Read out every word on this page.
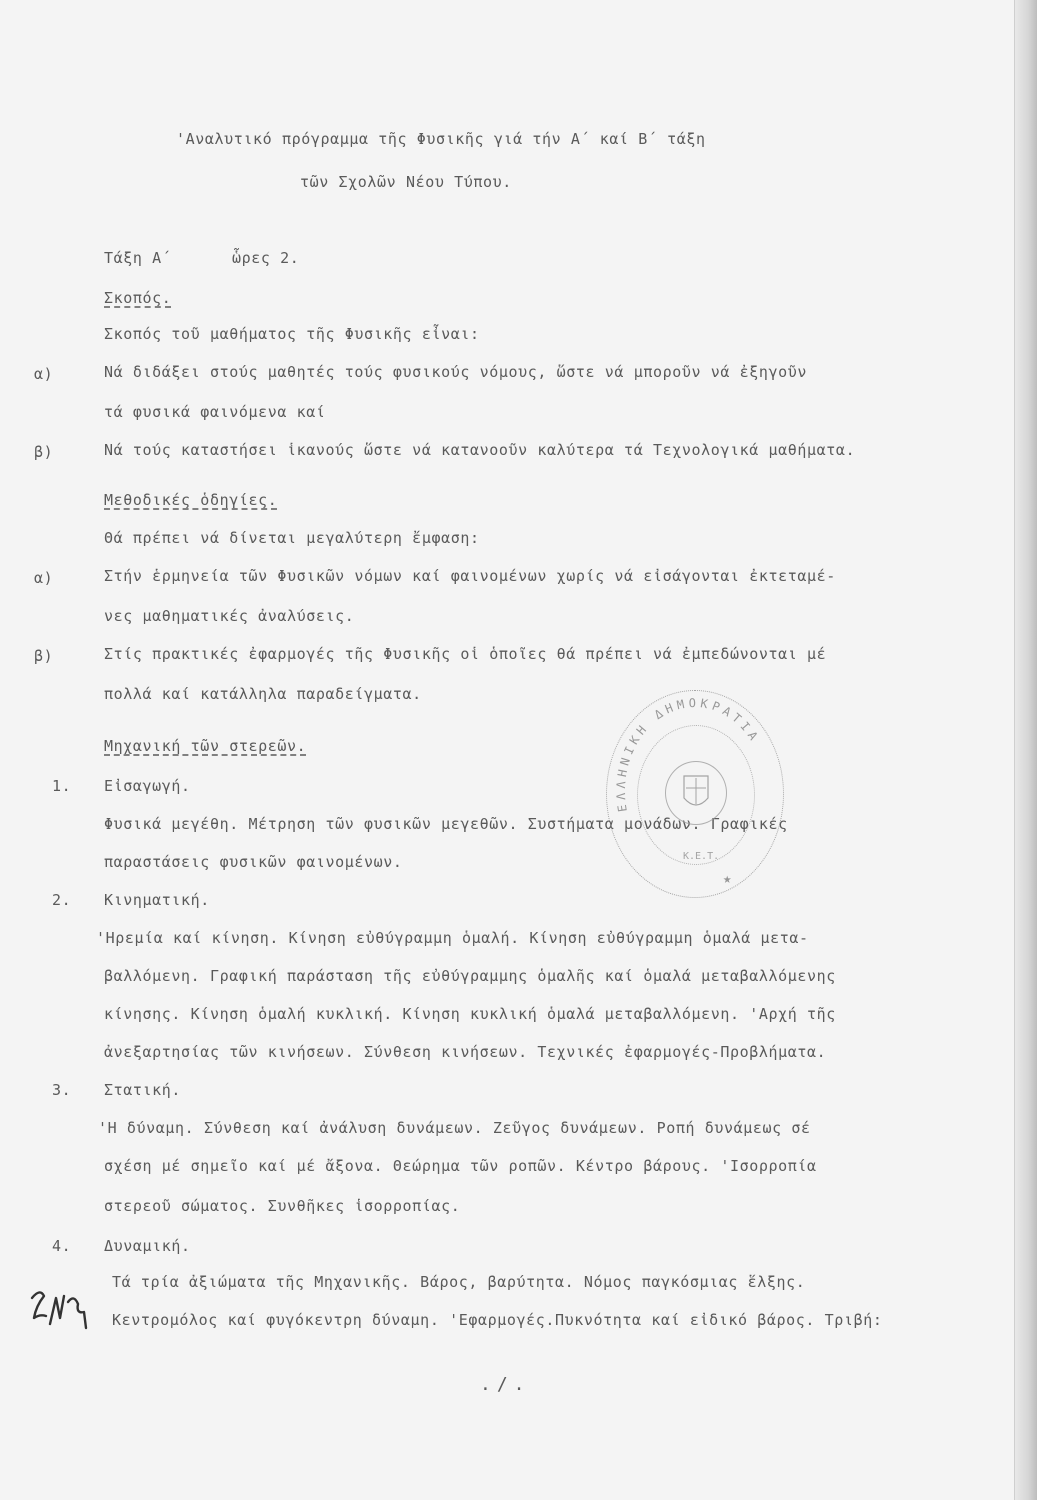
'Αναλυτικό πρόγραμμα τῆς Φυσικῆς γιά τήν Α΄ καί Β΄ τάξη
τῶν Σχολῶν Νέου Τύπου.
Τάξη Α΄	ὧρες 2.
Σκοπός.
Σκοπός τοῦ μαθήματος τῆς Φυσικῆς εἶναι:
α)	Νά διδάξει στούς μαθητές τούς φυσικούς νόμους, ὥστε νά μποροῦν νά ἐξηγοῦν
τά φυσικά φαινόμενα καί
β)	Νά τούς καταστήσει ἱκανούς ὥστε νά κατανοοῦν καλύτερα τά Τεχνολογικά μαθήματα.
Μεθοδικές ὁδηγίες.
Θά πρέπει νά δίνεται μεγαλύτερη ἔμφαση:
α)	Στήν ἑρμηνεία τῶν Φυσικῶν νόμων καί φαινομένων χωρίς νά εἰσάγονται ἐκτεταμέ-
νες μαθηματικές ἀναλύσεις.
β)	Στίς πρακτικές ἐφαρμογές τῆς Φυσικῆς οἱ ὁποῖες θά πρέπει νά ἐμπεδώνονται μέ
πολλά καί κατάλληλα παραδείγματα.
Μηχανική τῶν στερεῶν.
1. Εἰσαγωγή.
Φυσικά μεγέθη. Μέτρηση τῶν φυσικῶν μεγεθῶν. Συστήματα μονάδων. Γραφικές
παραστάσεις φυσικῶν φαινομένων.
2. Κινηματική.
'Ηρεμία καί κίνηση. Κίνηση εὐθύγραμμη ὁμαλή. Κίνηση εὐθύγραμμη ὁμαλά μετα-
βαλλόμενη. Γραφική παράσταση τῆς εὐθύγραμμης ὁμαλῆς καί ὁμαλά μεταβαλλόμενης
κίνησης. Κίνηση ὁμαλή κυκλική. Κίνηση κυκλική ὁμαλά μεταβαλλόμενη. 'Αρχή τῆς
ἀνεξαρτησίας τῶν κινήσεων. Σύνθεση κινήσεων. Τεχνικές ἐφαρμογές-Προβλήματα.
3. Στατική.
'Η δύναμη. Σύνθεση καί ἀνάλυση δυνάμεων. Ζεῦγος δυνάμεων. Ροπή δυνάμεως σέ
σχέση μέ σημεῖο καί μέ ἄξονα. Θεώρημα τῶν ροπῶν. Κέντρο βάρους. 'Ισορροπία
στερεοῦ σώματος. Συνθῆκες ἱσορροπίας.
4. Δυναμική.
Τά τρία ἀξιώματα τῆς Μηχανικῆς. Βάρος, βαρύτητα. Νόμος παγκόσμιας ἕλξης.
Κεντρομόλος καί φυγόκεντρη δύναμη. 'Εφαρμογές.Πυκνότητα καί εἰδικό βάρος. Τριβή:
ΕΛΛΗΝΙΚΗ ΔΗΜΟΚΡΑΤΙΑ
Κ.Ε.Τ.
★
./.
